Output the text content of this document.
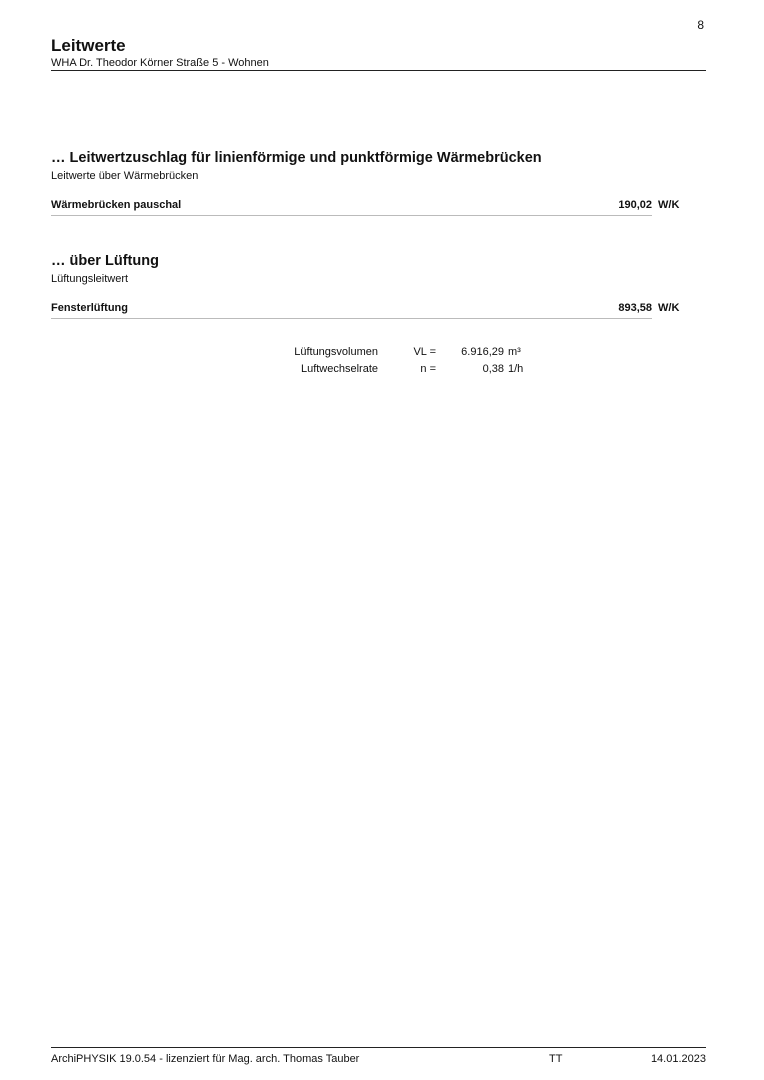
8
Leitwerte
WHA Dr. Theodor Körner Straße 5 - Wohnen
… Leitwertzuschlag für linienförmige und punktförmige Wärmebrücken
Leitwerte über Wärmebrücken
Wärmebrücken pauschal	190,02 W/K
… über Lüftung
Lüftungsleitwert
Fensterlüftung	893,58 W/K
Lüftungsvolumen	VL = 6.916,29 m³
Luftwechselrate	n =	0,38 1/h
ArchiPHYSIK 19.0.54 - lizenziert für Mag. arch. Thomas Tauber	TT	14.01.2023
